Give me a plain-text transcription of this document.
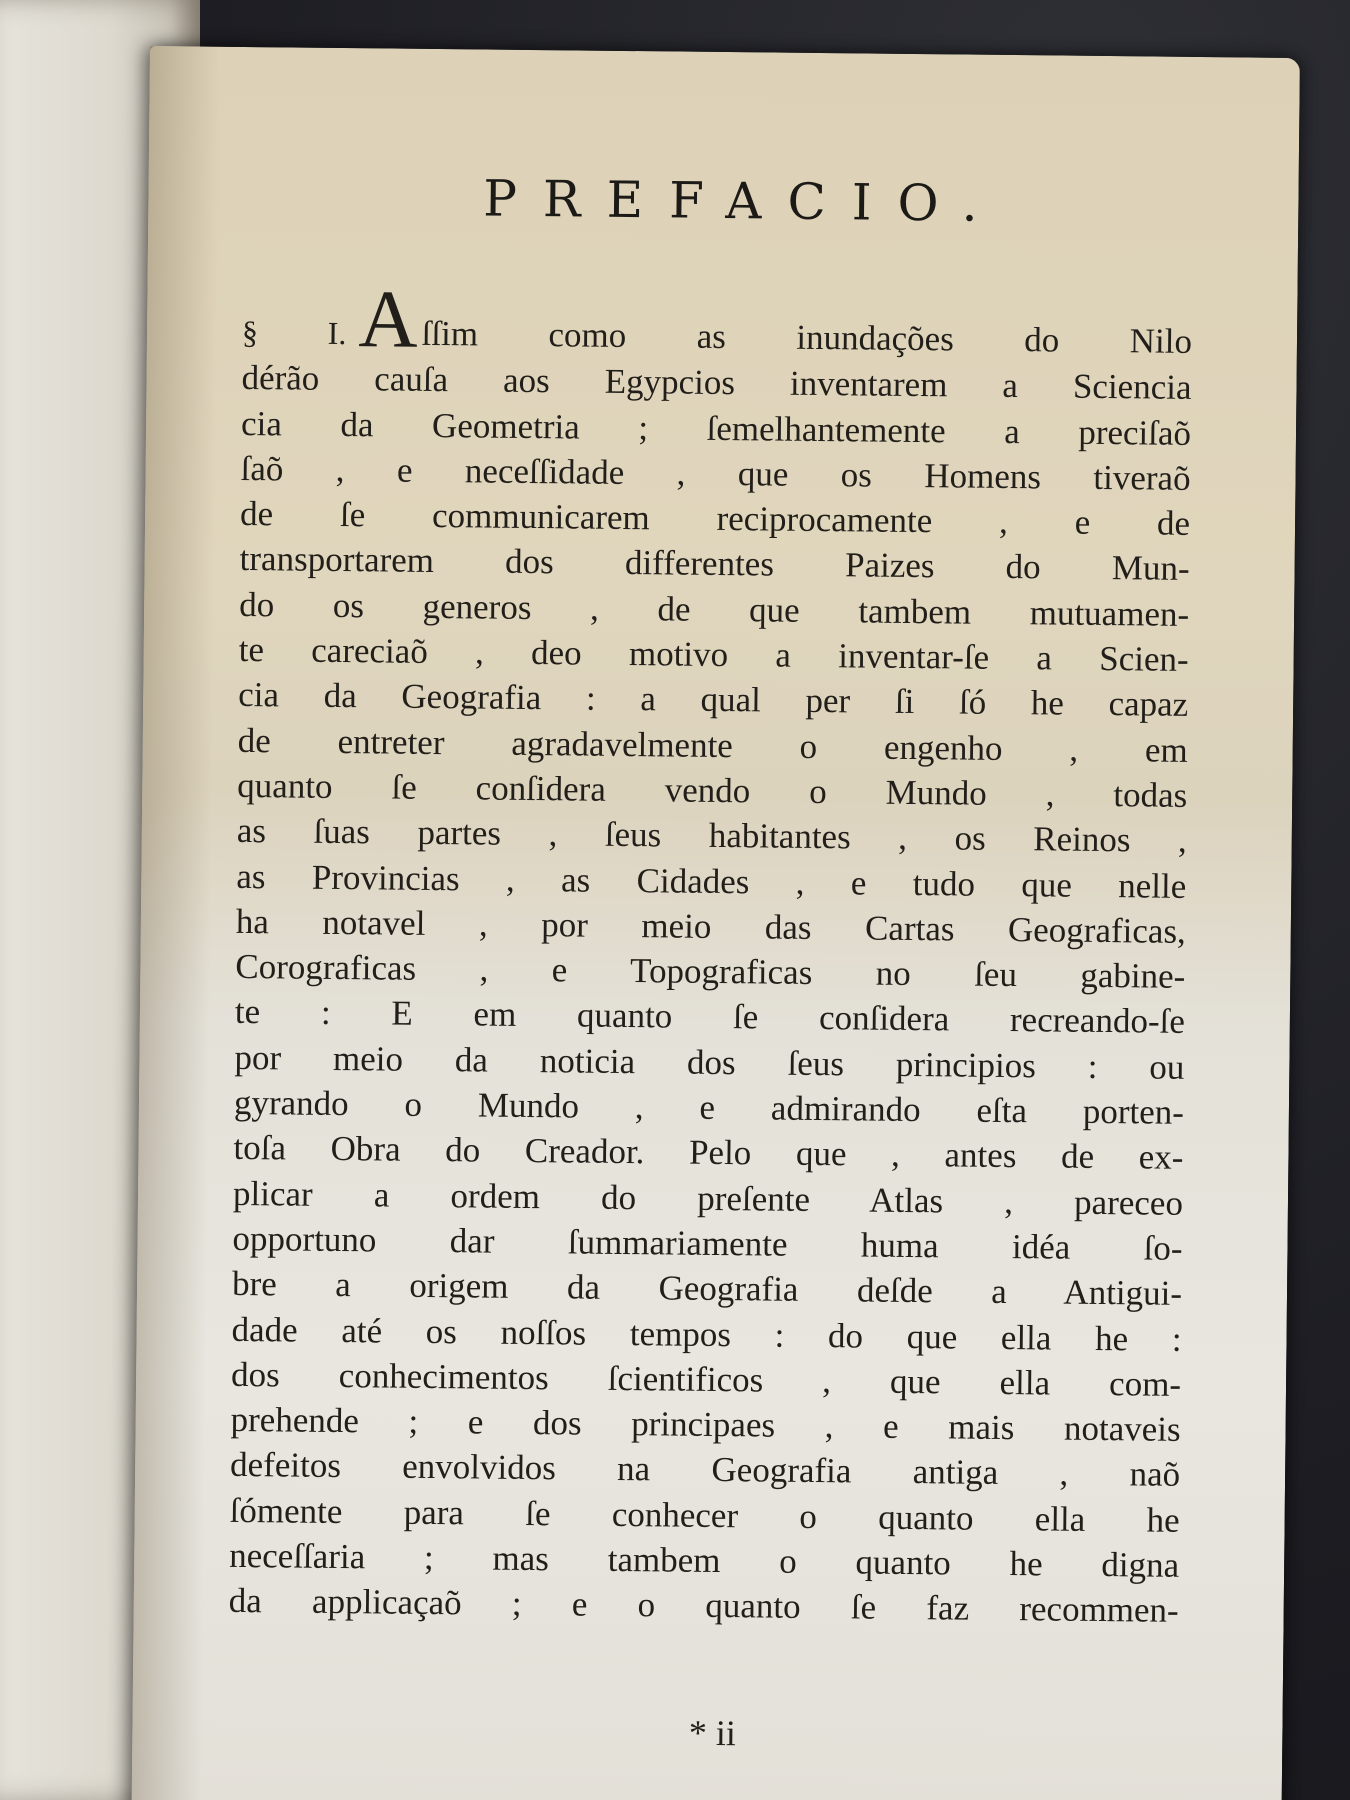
PREFACIO.
§ I. Aſſim como as inundações do Nilo
dérão cauſa aos Egypcios inventarem a Sciencia
cia da Geometria ; ſemelhantemente a preciſaõ
ſaõ , e neceſſidade , que os Homens tiveraõ
de ſe communicarem reciprocamente , e de
transportarem dos differentes Paizes do Mun-
do os generos , de que tambem mutuamen-
te careciaõ , deo motivo a inventar-ſe a Scien-
cia da Geografia : a qual per ſi ſó he capaz
de entreter agradavelmente o engenho , em
quanto ſe conſidera vendo o Mundo , todas
as ſuas partes , ſeus habitantes , os Reinos ,
as Provincias , as Cidades , e tudo que nelle
ha notavel , por meio das Cartas Geograficas,
Corograficas , e Topograficas no ſeu gabine-
te : E em quanto ſe conſidera recreando-ſe
por meio da noticia dos ſeus principios : ou
gyrando o Mundo , e admirando eſta porten-
toſa Obra do Creador. Pelo que , antes de ex-
plicar a ordem do preſente Atlas , pareceo
opportuno dar ſummariamente huma idéa ſo-
bre a origem da Geografia deſde a Antigui-
dade até os noſſos tempos : do que ella he :
dos conhecimentos ſcientificos , que ella com-
prehende ; e dos principaes , e mais notaveis
defeitos envolvidos na Geografia antiga , naõ
ſómente para ſe conhecer o quanto ella he
neceſſaria ; mas tambem o quanto he digna
da applicaçaõ ; e o quanto ſe faz recommen-
* ii
